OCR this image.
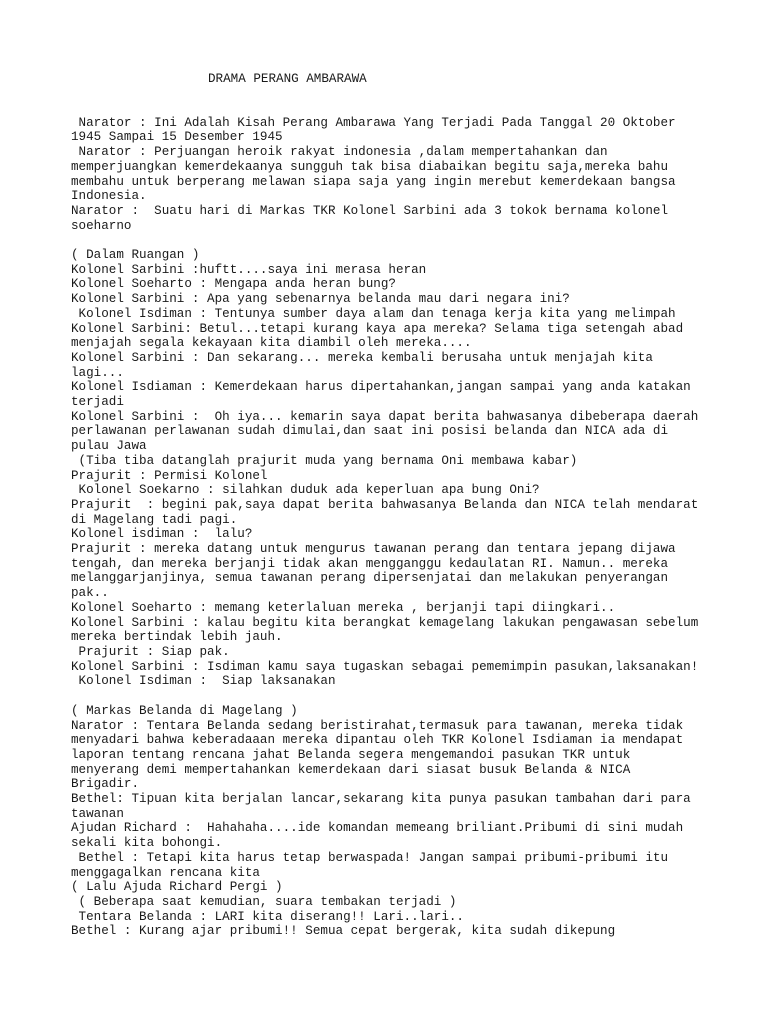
DRAMA PERANG AMBARAWA
Narator : Ini Adalah Kisah Perang Ambarawa Yang Terjadi Pada Tanggal 20 Oktober
1945 Sampai 15 Desember 1945
Narator : Perjuangan heroik rakyat indonesia ,dalam mempertahankan dan
memperjuangkan kemerdekaanya sungguh tak bisa diabaikan begitu saja,mereka bahu
membahu untuk berperang melawan siapa saja yang ingin merebut kemerdekaan bangsa
Indonesia.
Narator :  Suatu hari di Markas TKR Kolonel Sarbini ada 3 tokok bernama kolonel
soeharno
( Dalam Ruangan )
Kolonel Sarbini :huftt....saya ini merasa heran
Kolonel Soeharto : Mengapa anda heran bung?
Kolonel Sarbini : Apa yang sebenarnya belanda mau dari negara ini?
Kolonel Isdiman : Tentunya sumber daya alam dan tenaga kerja kita yang melimpah
Kolonel Sarbini: Betul...tetapi kurang kaya apa mereka? Selama tiga setengah abad
menjajah segala kekayaan kita diambil oleh mereka....
Kolonel Sarbini : Dan sekarang... mereka kembali berusaha untuk menjajah kita
lagi...
Kolonel Isdiaman : Kemerdekaan harus dipertahankan,jangan sampai yang anda katakan
terjadi
Kolonel Sarbini :  Oh iya... kemarin saya dapat berita bahwasanya dibeberapa daerah
perlawanan perlawanan sudah dimulai,dan saat ini posisi belanda dan NICA ada di
pulau Jawa
(Tiba tiba datanglah prajurit muda yang bernama Oni membawa kabar)
Prajurit : Permisi Kolonel
Kolonel Soekarno : silahkan duduk ada keperluan apa bung Oni?
Prajurit  : begini pak,saya dapat berita bahwasanya Belanda dan NICA telah mendarat
di Magelang tadi pagi.
Kolonel isdiman :  lalu?
Prajurit : mereka datang untuk mengurus tawanan perang dan tentara jepang dijawa
tengah, dan mereka berjanji tidak akan mengganggu kedaulatan RI. Namun.. mereka
melanggarjanjinya, semua tawanan perang dipersenjatai dan melakukan penyerangan
pak..
Kolonel Soeharto : memang keterlaluan mereka , berjanji tapi diingkari..
Kolonel Sarbini : kalau begitu kita berangkat kemagelang lakukan pengawasan sebelum
mereka bertindak lebih jauh.
Prajurit : Siap pak.
Kolonel Sarbini : Isdiman kamu saya tugaskan sebagai pememimpin pasukan,laksanakan!
Kolonel Isdiman :  Siap laksanakan
( Markas Belanda di Magelang )
Narator : Tentara Belanda sedang beristirahat,termasuk para tawanan, mereka tidak
menyadari bahwa keberadaaan mereka dipantau oleh TKR Kolonel Isdiaman ia mendapat
laporan tentang rencana jahat Belanda segera mengemandoi pasukan TKR untuk
menyerang demi mempertahankan kemerdekaan dari siasat busuk Belanda & NICA
Brigadir.
Bethel: Tipuan kita berjalan lancar,sekarang kita punya pasukan tambahan dari para
tawanan
Ajudan Richard :  Hahahaha....ide komandan memeang briliant.Pribumi di sini mudah
sekali kita bohongi.
Bethel : Tetapi kita harus tetap berwaspada! Jangan sampai pribumi-pribumi itu
menggagalkan rencana kita
( Lalu Ajuda Richard Pergi )
( Beberapa saat kemudian, suara tembakan terjadi )
Tentara Belanda : LARI kita diserang!! Lari..lari..
Bethel : Kurang ajar pribumi!! Semua cepat bergerak, kita sudah dikepung
